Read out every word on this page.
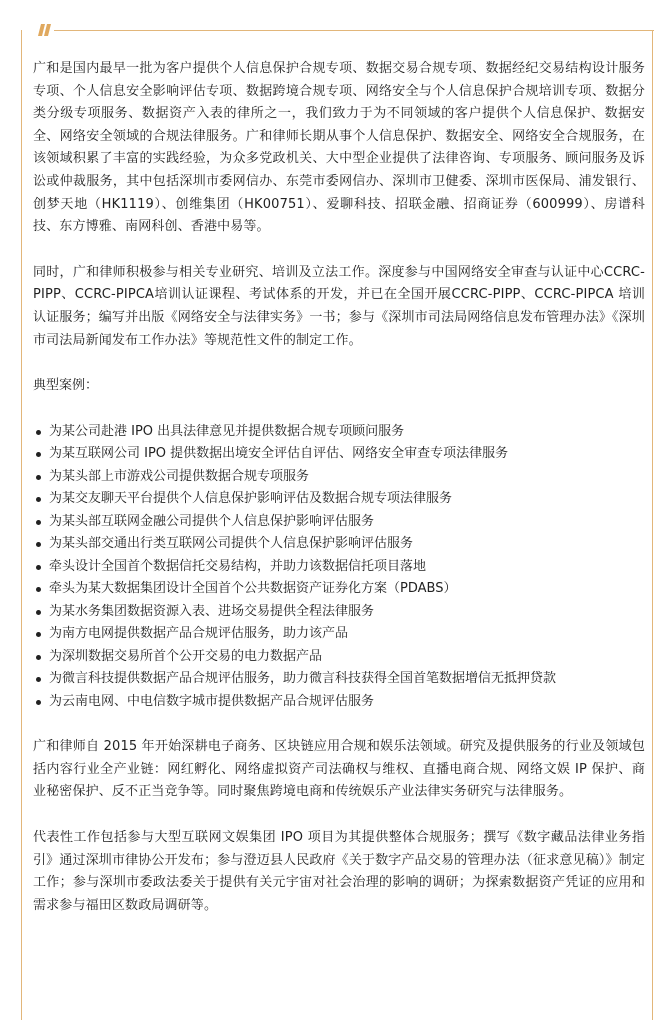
广和是国内最早一批为客户提供个人信息保护合规专项、数据交易合规专项、数据经纪交易结构设计服务专项、个人信息安全影响评估专项、数据跨境合规专项、网络安全与个人信息保护合规培训专项、数据分类分级专项服务、数据资产入表的律所之一，我们致力于为不同领域的客户提供个人信息保护、数据安全、网络安全领域的合规法律服务。广和律师长期从事个人信息保护、数据安全、网络安全合规服务，在该领域积累了丰富的实践经验，为众多党政机关、大中型企业提供了法律咨询、专项服务、顾问服务及诉讼或仲裁服务，其中包括深圳市委网信办、东莞市委网信办、深圳市卫健委、深圳市医保局、浦发银行、创梦天地（HK1119）、创维集团（HK00751）、爱聊科技、招联金融、招商证券（600999）、房谱科技、东方博雅、南网科创、香港中易等。

同时，广和律师积极参与相关专业研究、培训及立法工作。深度参与中国网络安全审查与认证中心CCRC-PIPP、CCRC-PIPCA培训认证课程、考试体系的开发，并已在全国开展CCRC-PIPP、CCRC-PIPCA 培训认证服务；编写并出版《网络安全与法律实务》一书；参与《深圳市司法局网络信息发布管理办法》《深圳市司法局新闻发布工作办法》等规范性文件的制定工作。

典型案例：

为某公司赴港 IPO 出具法律意见并提供数据合规专项顾问服务
为某互联网公司 IPO 提供数据出境安全评估自评估、网络安全审查专项法律服务
为某头部上市游戏公司提供数据合规专项服务
为某交友聊天平台提供个人信息保护影响评估及数据合规专项法律服务
为某头部互联网金融公司提供个人信息保护影响评估服务
为某头部交通出行类互联网公司提供个人信息保护影响评估服务
牵头设计全国首个数据信托交易结构，并助力该数据信托项目落地
牵头为某大数据集团设计全国首个公共数据资产证券化方案（PDABS）
为某水务集团数据资源入表、进场交易提供全程法律服务
为南方电网提供数据产品合规评估服务，助力该产品
为深圳数据交易所首个公开交易的电力数据产品
为微言科技提供数据产品合规评估服务，助力微言科技获得全国首笔数据增信无抵押贷款
为云南电网、中电信数字城市提供数据产品合规评估服务

广和律师自 2015 年开始深耕电子商务、区块链应用合规和娱乐法领域。研究及提供服务的行业及领域包括内容行业全产业链：网红孵化、网络虚拟资产司法确权与维权、直播电商合规、网络文娱 IP 保护、商业秘密保护、反不正当竞争等。同时聚焦跨境电商和传统娱乐产业法律实务研究与法律服务。

代表性工作包括参与大型互联网文娱集团 IPO 项目为其提供整体合规服务；撰写《数字藏品法律业务指引》通过深圳市律协公开发布；参与澄迈县人民政府《关于数字产品交易的管理办法（征求意见稿）》制定工作；参与深圳市委政法委关于提供有关元宇宙对社会治理的影响的调研；为探索数据资产凭证的应用和需求参与福田区数政局调研等。
